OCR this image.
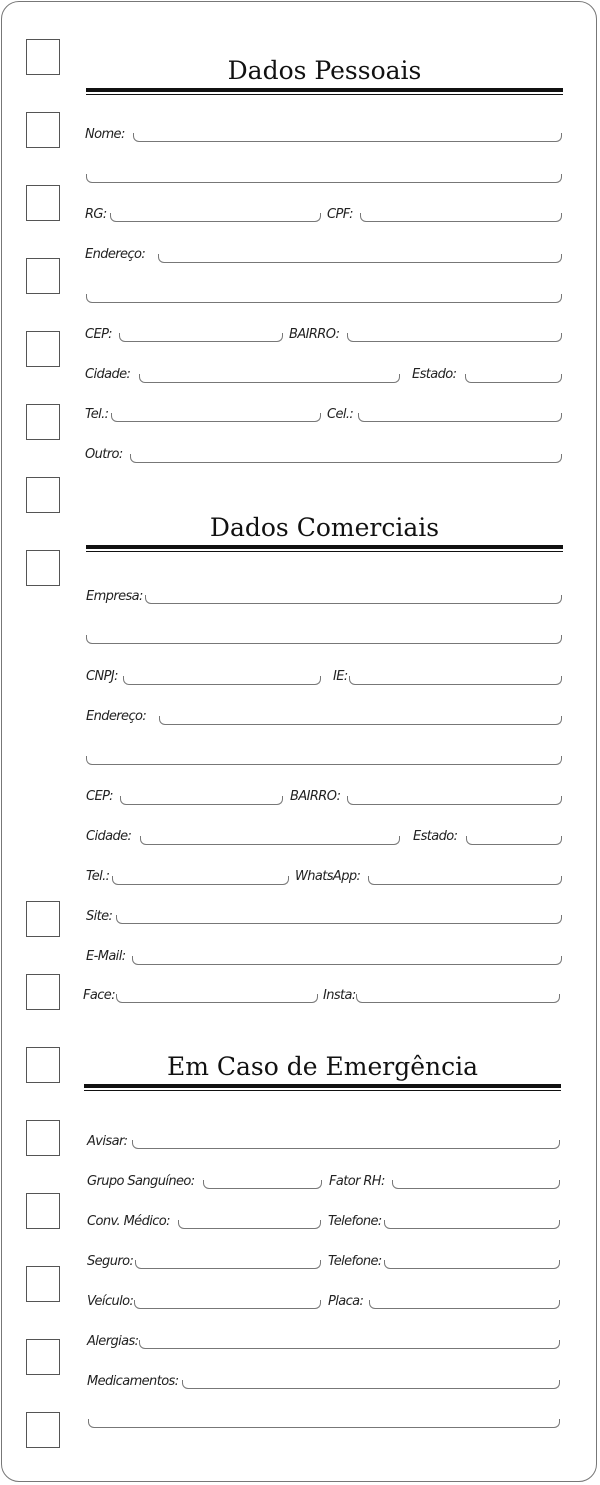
Dados Pessoais
Nome:
RG:	CPF:
Endereço:
CEP:	BAIRRO:
Cidade:	Estado:
Tel.:	Cel.:
Outro:
Dados Comerciais
Empresa:
CNPJ:	IE:
Endereço:
CEP:	BAIRRO:
Cidade:	Estado:
Tel.:	WhatsApp:
Site:
E-Mail:
Face:	Insta:
Em Caso de Emergência
Avisar:
Grupo Sanguíneo:	Fator RH:
Conv. Médico:	Telefone:
Seguro:	Telefone:
Veículo:	Placa:
Alergias:
Medicamentos:
